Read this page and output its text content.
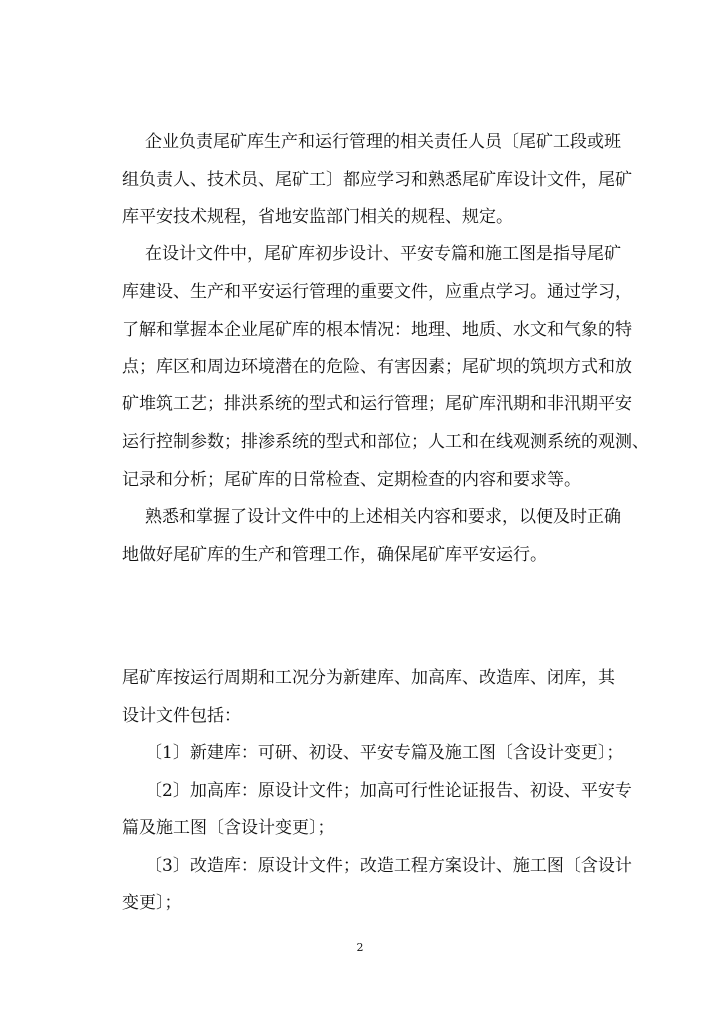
企业负责尾矿库生产和运行管理的相关责任人员〔尾矿工段或班
组负责人、技术员、尾矿工〕都应学习和熟悉尾矿库设计文件，尾矿
库平安技术规程，省地安监部门相关的规程、规定。
在设计文件中，尾矿库初步设计、平安专篇和施工图是指导尾矿
库建设、生产和平安运行管理的重要文件，应重点学习。通过学习，
了解和掌握本企业尾矿库的根本情况：地理、地质、水文和气象的特
点；库区和周边环境潜在的危险、有害因素；尾矿坝的筑坝方式和放
矿堆筑工艺；排洪系统的型式和运行管理；尾矿库汛期和非汛期平安
运行控制参数；排渗系统的型式和部位；人工和在线观测系统的观测、
记录和分析；尾矿库的日常检查、定期检查的内容和要求等。
熟悉和掌握了设计文件中的上述相关内容和要求，以便及时正确
地做好尾矿库的生产和管理工作，确保尾矿库平安运行。
尾矿库按运行周期和工况分为新建库、加高库、改造库、闭库，其
设计文件包括：
〔1〕新建库：可研、初设、平安专篇及施工图〔含设计变更〕；
〔2〕加高库：原设计文件；加高可行性论证报告、初设、平安专
篇及施工图〔含设计变更〕；
〔3〕改造库：原设计文件；改造工程方案设计、施工图〔含设计
变更〕；
2
